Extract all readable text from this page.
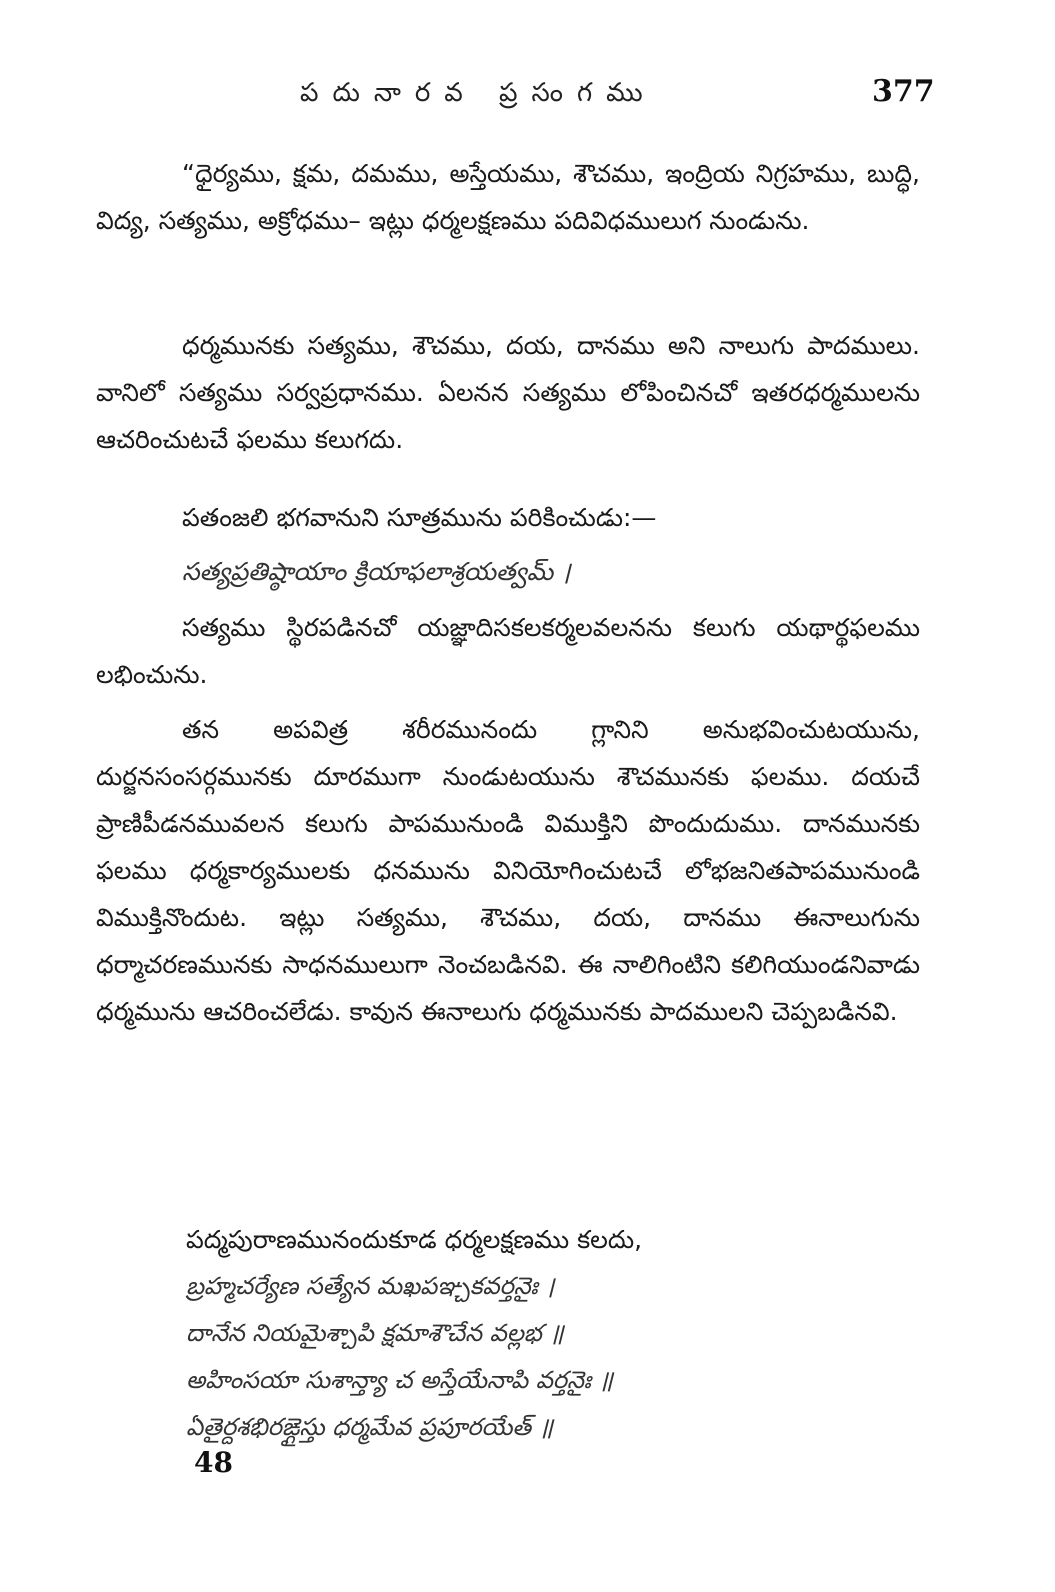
పదునారవ ప్రసంగము	377

“ధైర్యము, క్షమ, దమము, అస్తేయము, శౌచము, ఇంద్రియ నిగ్రహము, బుద్ధి, విద్య, సత్యము, అక్రోధము– ఇట్లు ధర్మలక్షణము పదివిధములుగ నుండును.

ధర్మమునకు సత్యము, శౌచము, దయ, దానము అని నాలుగు పాదములు. వానిలో సత్యము సర్వప్రధానము. ఏలనన సత్యము లోపించినచో ఇతరధర్మములను ఆచరించుటచే ఫలము కలుగదు.

పతంజలి భగవానుని సూత్రమును పరికించుడు:—

సత్యప్రతిష్ఠాయాం క్రియాఫలాశ్రయత్వమ్ ।

సత్యము స్థిరపడినచో యజ్ఞాదిసకలకర్మలవలనను కలుగు యథార్థఫలము లభించును.

తన అపవిత్ర శరీరమునందు గ్లానిని అనుభవించుటయును, దుర్జనసంసర్గమునకు దూరముగా నుండుటయును శౌచమునకు ఫలము. దయచే ప్రాణిపీడనమువలన కలుగు పాపమునుండి విముక్తిని పొందుదుము. దానమునకు ఫలము ధర్మకార్యములకు ధనమును వినియోగించుటచే లోభజనితపాపమునుండి విముక్తినొందుట. ఇట్లు సత్యము, శౌచము, దయ, దానము ఈనాలుగును ధర్మాచరణమునకు సాధనములుగా నెంచబడినవి. ఈ నాలిగింటిని కలిగియుండనివాడు ధర్మమును ఆచరించలేడు. కావున ఈనాలుగు ధర్మమునకు పాదములని చెప్పబడినవి.

పద్మపురాణమునందుకూడ ధర్మలక్షణము కలదు,
బ్రహ్మచర్యేణ సత్యేన మఖపఞ్చకవర్తనైః ।
దానేన నియమైశ్చాపి క్షమాశౌచేన వల్లభ ॥
అహింసయా సుశాన్త్యా చ అస్తేయేనాపి వర్తనైః ॥
ఏతైర్దశభిరఙ్గైస్తు ధర్మమేవ ప్రపూరయేత్ ॥
48
